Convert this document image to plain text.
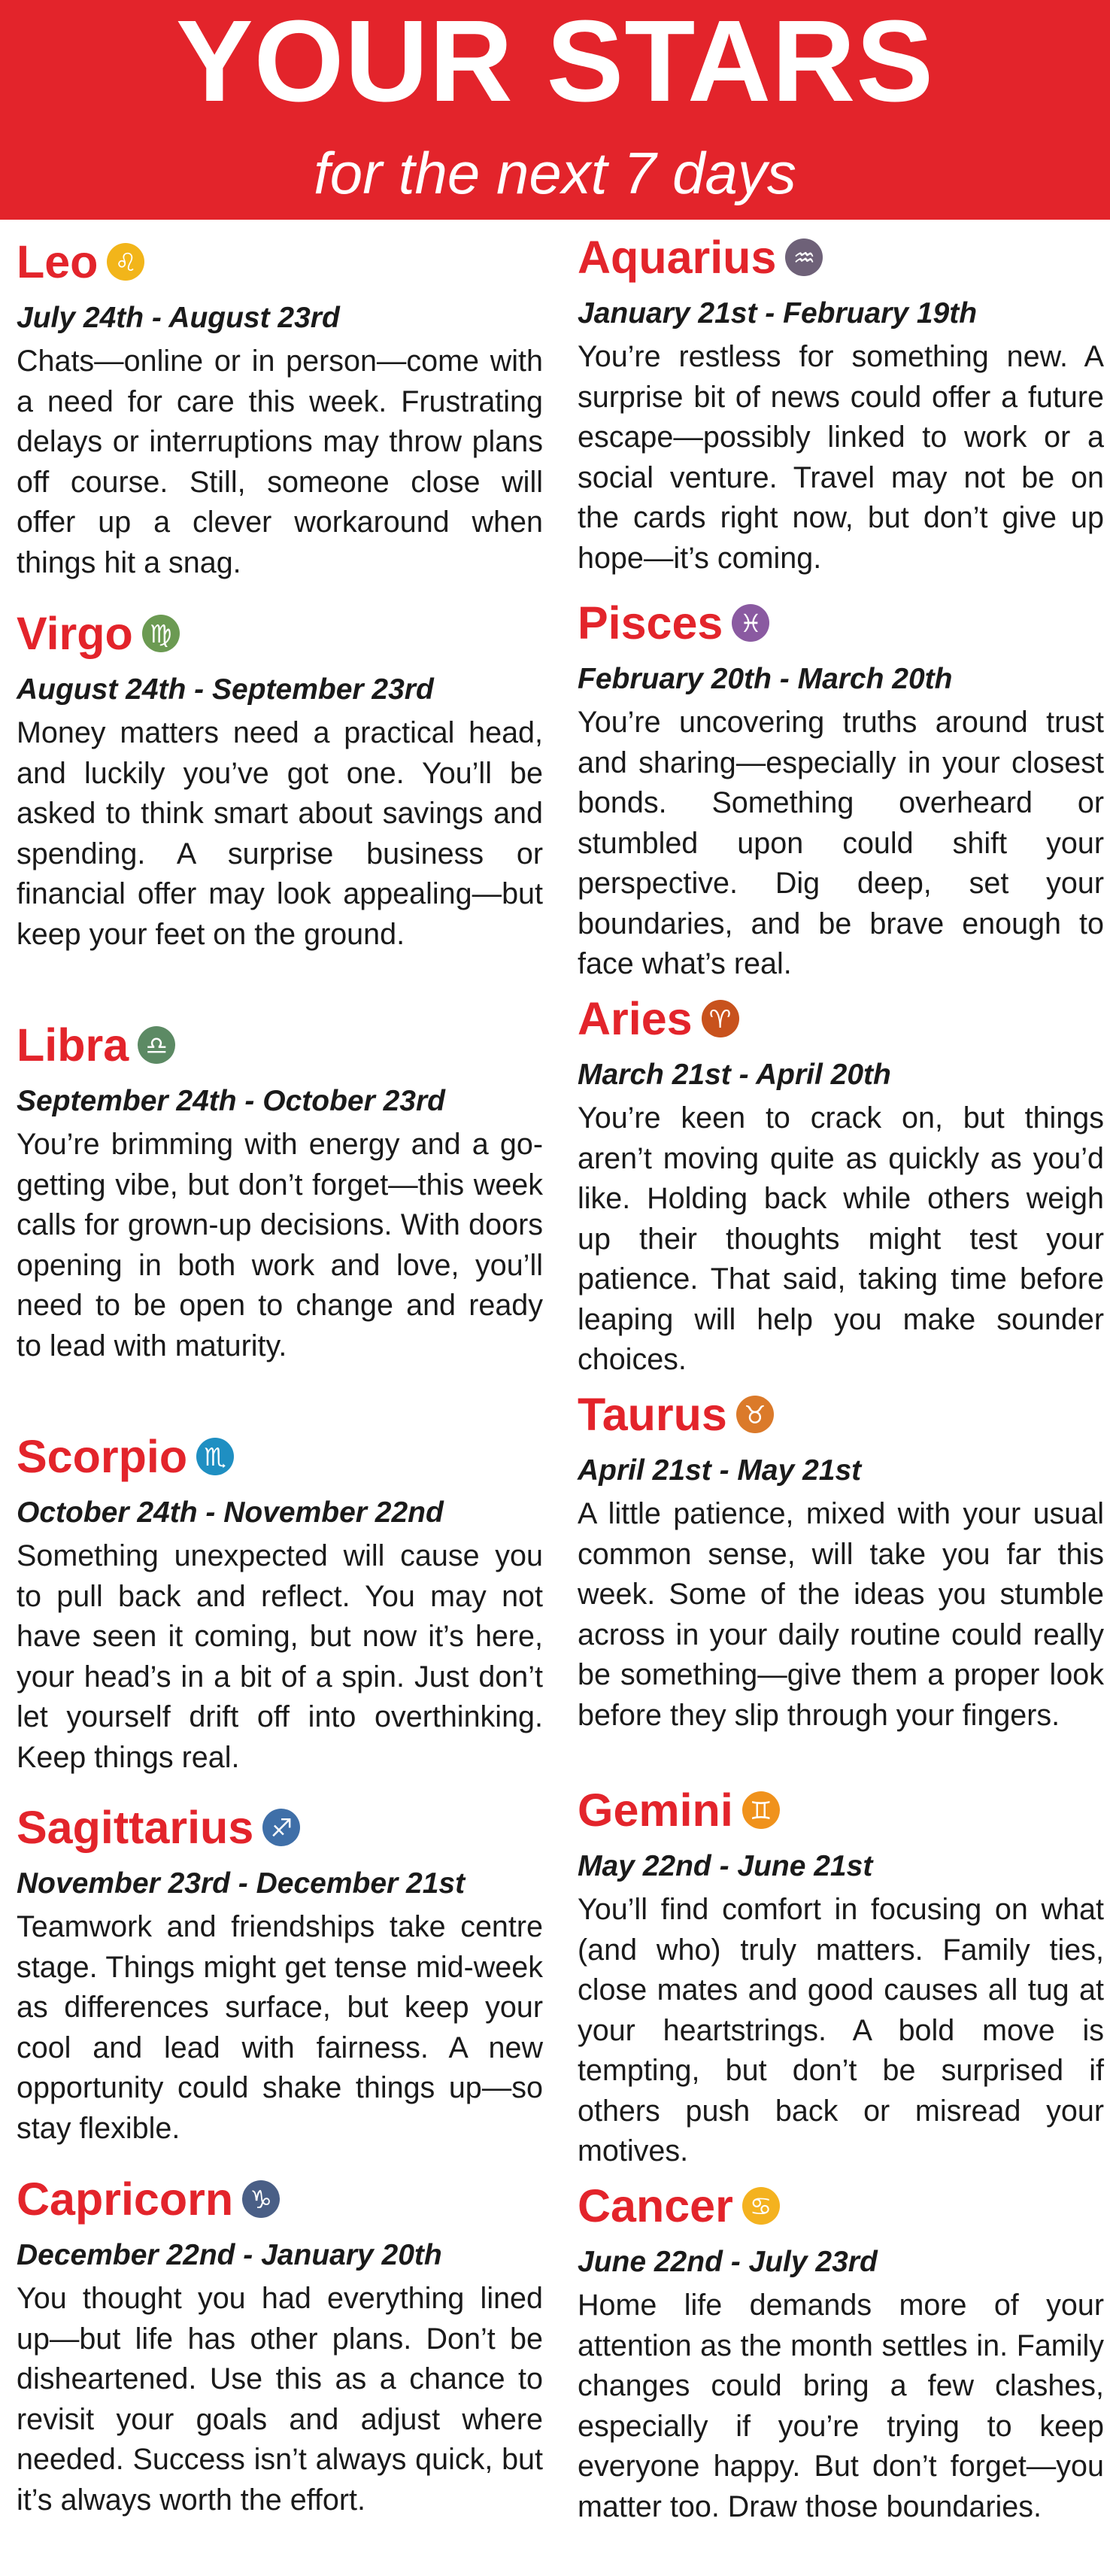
YOUR STARS
for the next 7 days
Leo ♌
July 24th - August 23rd
Chats—online or in person—come with a need for care this week. Frustrating delays or interruptions may throw plans off course. Still, someone close will offer up a clever workaround when things hit a snag.
Virgo ♍
August 24th - September 23rd
Money matters need a practical head, and luckily you’ve got one. You’ll be asked to think smart about savings and spending. A surprise business or financial offer may look appealing—but keep your feet on the ground.
Libra ♎
September 24th - October 23rd
You’re brimming with energy and a go-getting vibe, but don’t forget—this week calls for grown-up decisions. With doors opening in both work and love, you’ll need to be open to change and ready to lead with maturity.
Scorpio ♏
October 24th - November 22nd
Something unexpected will cause you to pull back and reflect. You may not have seen it coming, but now it’s here, your head’s in a bit of a spin. Just don’t let yourself drift off into overthinking. Keep things real.
Sagittarius ♐
November 23rd - December 21st
Teamwork and friendships take centre stage. Things might get tense mid-week as differences surface, but keep your cool and lead with fairness. A new opportunity could shake things up—so stay flexible.
Capricorn ♑
December 22nd - January 20th
You thought you had everything lined up—but life has other plans. Don’t be disheartened. Use this as a chance to revisit your goals and adjust where needed. Success isn’t always quick, but it’s always worth the effort.
Aquarius ♒
January 21st - February 19th
You’re restless for something new. A surprise bit of news could offer a future escape—possibly linked to work or a social venture. Travel may not be on the cards right now, but don’t give up hope—it’s coming.
Pisces ♓
February 20th - March 20th
You’re uncovering truths around trust and sharing—especially in your closest bonds. Something overheard or stumbled upon could shift your perspective. Dig deep, set your boundaries, and be brave enough to face what’s real.
Aries ♈
March 21st - April 20th
You’re keen to crack on, but things aren’t moving quite as quickly as you’d like. Holding back while others weigh up their thoughts might test your patience. That said, taking time before leaping will help you make sounder choices.
Taurus ♉
April 21st - May 21st
A little patience, mixed with your usual common sense, will take you far this week. Some of the ideas you stumble across in your daily routine could really be something—give them a proper look before they slip through your fingers.
Gemini ♊
May 22nd - June 21st
You’ll find comfort in focusing on what (and who) truly matters. Family ties, close mates and good causes all tug at your heartstrings. A bold move is tempting, but don’t be surprised if others push back or misread your motives.
Cancer ♋
June 22nd - July 23rd
Home life demands more of your attention as the month settles in. Family changes could bring a few clashes, especially if you’re trying to keep everyone happy. But don’t forget—you matter too. Draw those boundaries.
